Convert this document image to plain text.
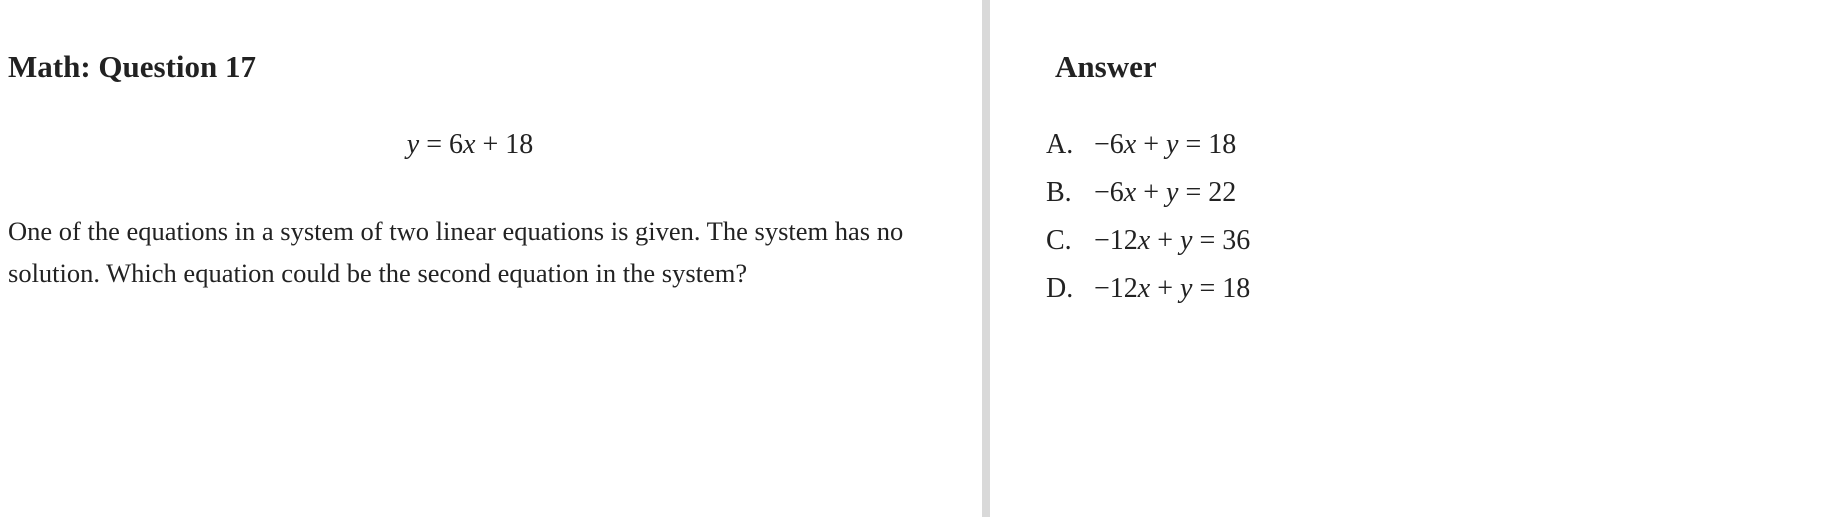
Math: Question 17
y = 6x + 18

One of the equations in a system of two linear equations is given. The system has no solution. Which equation could be the second equation in the system?

Answer
A. −6x + y = 18
B. −6x + y = 22
C. −12x + y = 36
D. −12x + y = 18
